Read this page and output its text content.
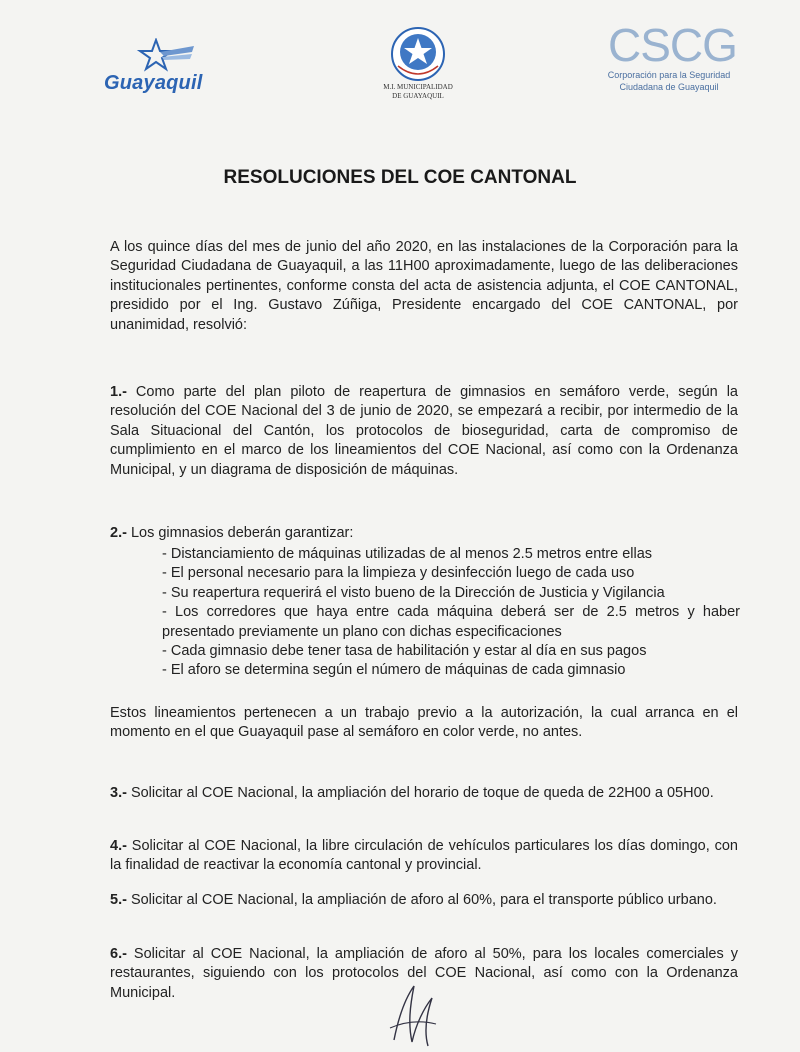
Guayaquil	M.I. MUNICIPALIDAD
DE GUAYAQUIL
CSCG
Corporación para la Seguridad
Ciudadana de Guayaquil
RESOLUCIONES DEL COE CANTONAL
A los quince días del mes de junio del año 2020, en las instalaciones de la Corporación para la Seguridad Ciudadana de Guayaquil, a las 11H00 aproximadamente, luego de las deliberaciones institucionales pertinentes, conforme consta del acta de asistencia adjunta, el COE CANTONAL, presidido por el Ing. Gustavo Zúñiga, Presidente encargado del COE CANTONAL, por unanimidad, resolvió:
1.- Como parte del plan piloto de reapertura de gimnasios en semáforo verde, según la resolución del COE Nacional del 3 de junio de 2020, se empezará a recibir, por intermedio de la Sala Situacional del Cantón, los protocolos de bioseguridad, carta de compromiso de cumplimiento en el marco de los lineamientos del COE Nacional, así como con la Ordenanza Municipal, y un diagrama de disposición de máquinas.
2.- Los gimnasios deberán garantizar:
- Distanciamiento de máquinas utilizadas de al menos 2.5 metros entre ellas
- El personal necesario para la limpieza y desinfección luego de cada uso
- Su reapertura requerirá el visto bueno de la Dirección de Justicia y Vigilancia
- Los corredores que haya entre cada máquina deberá ser de 2.5 metros y haber presentado previamente un plano con dichas especificaciones
- Cada gimnasio debe tener tasa de habilitación y estar al día en sus pagos
- El aforo se determina según el número de máquinas de cada gimnasio
Estos lineamientos pertenecen a un trabajo previo a la autorización, la cual arranca en el momento en el que Guayaquil pase al semáforo en color verde, no antes.
3.- Solicitar al COE Nacional, la ampliación del horario de toque de queda de 22H00 a 05H00.
4.- Solicitar al COE Nacional, la libre circulación de vehículos particulares los días domingo, con la finalidad de reactivar la economía cantonal y provincial.
5.- Solicitar al COE Nacional, la ampliación de aforo al 60%, para el transporte público urbano.
6.- Solicitar al COE Nacional, la ampliación de aforo al 50%, para los locales comerciales y restaurantes, siguiendo con los protocolos del COE Nacional, así como con la Ordenanza Municipal.
